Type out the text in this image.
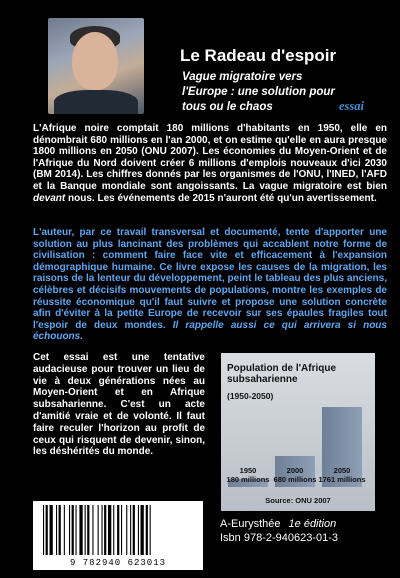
Le Radeau d'espoir
Vague migratoire vers
l'Europe : une solution pour
tous ou le chaos	essai

L'Afrique noire comptait 180 millions d'habitants en 1950, elle en dénombrait 680 millions en l'an 2000, et on estime qu'elle en aura presque 1800 millions en 2050 (ONU 2007). Les économies du Moyen-Orient et de l'Afrique du Nord doivent créer 6 millions d'emplois nouveaux d'ici 2030 (BM 2014). Les chiffres donnés par les organismes de l'ONU, l'INED, l'AFD et la Banque mondiale sont angoissants. La vague migratoire est bien devant nous. Les événements de 2015 n'auront été qu'un avertissement.

L'auteur, par ce travail transversal et documenté, tente d'apporter une solution au plus lancinant des problèmes qui accablent notre forme de civilisation : comment faire face vite et efficacement à l'expansion démographique humaine. Ce livre expose les causes de la migration, les raisons de la lenteur du développement, peint le tableau des plus anciens, célèbres et décisifs mouvements de populations, montre les exemples de réussite économique qu'il faut suivre et propose une solution concrète afin d'éviter à la petite Europe de recevoir sur ses épaules fragiles tout l'espoir de deux mondes. Il rappelle aussi ce qui arrivera si nous échouons.

Cet essai est une tentative audacieuse pour trouver un lieu de vie à deux générations nées au Moyen-Orient et en Afrique subsaharienne. C'est un acte d'amitié vraie et de volonté. Il faut faire reculer l'horizon au profit de ceux qui risquent de devenir, sinon, les déshérités du monde.

Population de l'Afrique subsaharienne
(1950-2050)
Source: ONU 2007
1950
180 millions
2000
680 millions
2050
1761 millions
9 782940 623013
A-Eurysthée 1e édition
Isbn 978-2-940623-01-3
